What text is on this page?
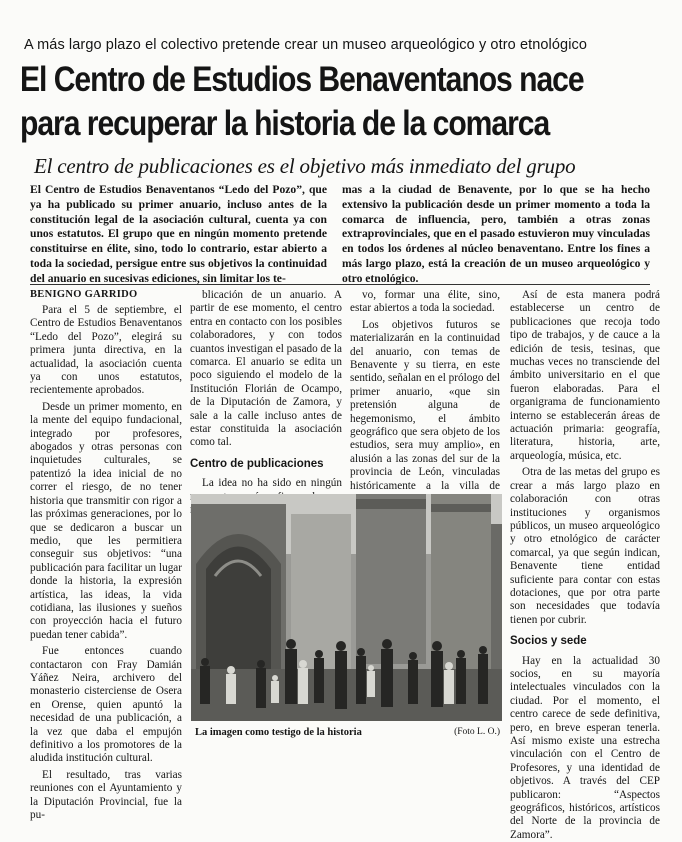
A más largo plazo el colectivo pretende crear un museo arqueológico y otro etnológico
El Centro de Estudios Benaventanos nace
para recuperar la historia de la comarca
El centro de publicaciones es el objetivo más inmediato del grupo
El Centro de Estudios Benaventanos “Ledo del Pozo”, que ya ha publicado su primer anuario, incluso antes de la constitución legal de la asociación cultural, cuenta ya con unos estatutos. El grupo que en ningún momento pretende constituirse en élite, sino, todo lo contrario, estar abierto a toda la sociedad, persigue entre sus objetivos la continuidad del anuario en sucesivas ediciones, sin limitar los te-
mas a la ciudad de Benavente, por lo que se ha hecho extensivo la publicación desde un primer momento a toda la comarca de influencia, pero, también a otras zonas extraprovinciales, que en el pasado estuvieron muy vinculadas en todos los órdenes al núcleo benaventano. Entre los fines a más largo plazo, está la creación de un museo arqueológico y otro etnológico.
BENIGNO GARRIDO

Para el 5 de septiembre, el Centro de Estudios Benaventanos “Ledo del Pozo”, elegirá su primera junta directiva, en la actualidad, la asociación cuenta ya con unos estatutos, recientemente aprobados.

Desde un primer momento, en la mente del equipo fundacional, integrado por profesores, abogados y otras personas con inquietudes culturales, se patentizó la idea inicial de no correr el riesgo, de no tener historia que transmitir con rigor a las próximas generaciones, por lo que se dedicaron a buscar un medio, que les permitiera conseguir sus objetivos: “una publicación para facilitar un lugar donde la historia, la expresión artística, las ideas, la vida cotidiana, las ilusiones y sueños con proyección hacia el futuro puedan tener cabida”.

Fue entonces cuando contactaron con Fray Damián Yáñez Neira, archivero del monasterio cisterciense de Osera en Orense, quien apuntó la necesidad de una publicación, a la vez que daba el empujón definitivo a los promotores de la aludida institución cultural.

El resultado, tras varias reuniones con el Ayuntamiento y la Diputación Provincial, fue la pu-

blicación de un anuario. A partir de ese momento, el centro entra en contacto con los posibles colaboradores, y con todos cuantos investigan el pasado de la comarca. El anuario se edita un poco siguiendo el modelo de la Institución Florián de Ocampo, de la Diputación de Zamora, y sale a la calle incluso antes de estar constituida la asociación como tal.

Centro de publicaciones

La idea no ha sido en ningún

vo, formar una élite, sino, estar abiertos a toda la sociedad.

Los objetivos futuros se materializarán en la continuidad del anuario, con temas de Benavente y su tierra, en este sentido, señalan en el prólogo del primer anuario, «que sin pretensión alguna de hegemonismo, el ámbito geográfico que sera objeto de los estudios, sera muy amplio», en alusión a las zonas del sur de la provincia de León, vinculadas históricamente a la villa de

Así de esta manera podrá establecerse un centro de publicaciones que recoja todo tipo de trabajos, y de cauce a la edición de tesis, tesinas, que muchas veces no transciende del ámbito universitario en el que fueron elaboradas. Para el organigrama de funcionamiento interno se establecerán áreas de actuación primaria: geografía, literatura, historia, arte, arqueología, música, etc.

Otra de las metas del grupo es crear a más largo plazo en colaboración con otras instituciones y organismos públicos, un museo arqueológico y otro etnológico de carácter comarcal, ya que según indican, Benavente tiene entidad suficiente para contar con estas dotaciones, que por otra parte son necesidades que todavía tienen por cubrir.

Socios y sede

Hay en la actualidad 30 socios, en su mayoría intelectuales vinculados con la ciudad. Por el momento, el centro carece de sede definitiva, pero, en breve esperan tenerla. Así mismo existe una estrecha vinculación con el Centro de Profesores, y una identidad de objetivos. A través del CEP publicaron: “Aspectos geográficos, históricos, artísticos del Norte de la provincia de Zamora”.

La imagen como testigo de la historia	(Foto L. O.)
